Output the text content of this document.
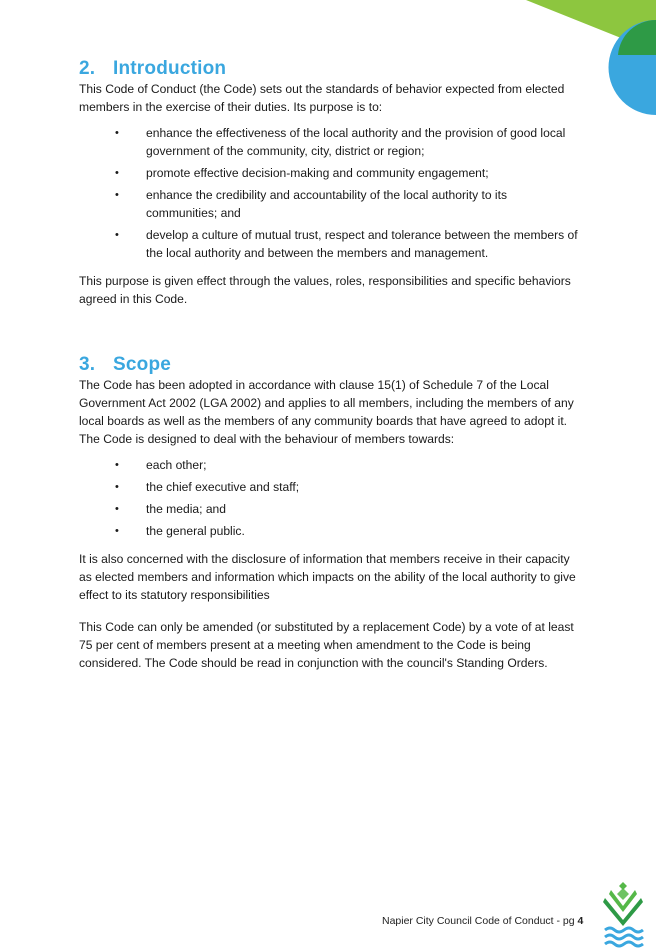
2. Introduction

This Code of Conduct (the Code) sets out the standards of behavior expected from elected members in the exercise of their duties. Its purpose is to:

• enhance the effectiveness of the local authority and the provision of good local government of the community, city, district or region;
• promote effective decision-making and community engagement;
• enhance the credibility and accountability of the local authority to its communities; and
• develop a culture of mutual trust, respect and tolerance between the members of the local authority and between the members and management.

This purpose is given effect through the values, roles, responsibilities and specific behaviors agreed in this Code.

3. Scope

The Code has been adopted in accordance with clause 15(1) of Schedule 7 of the Local Government Act 2002 (LGA 2002) and applies to all members, including the members of any local boards as well as the members of any community boards that have agreed to adopt it. The Code is designed to deal with the behaviour of members towards:

• each other;
• the chief executive and staff;
• the media; and
• the general public.

It is also concerned with the disclosure of information that members receive in their capacity as elected members and information which impacts on the ability of the local authority to give effect to its statutory responsibilities

This Code can only be amended (or substituted by a replacement Code) by a vote of at least 75 per cent of members present at a meeting when amendment to the Code is being considered. The Code should be read in conjunction with the council's Standing Orders.

Napier City Council Code of Conduct - pg 4
